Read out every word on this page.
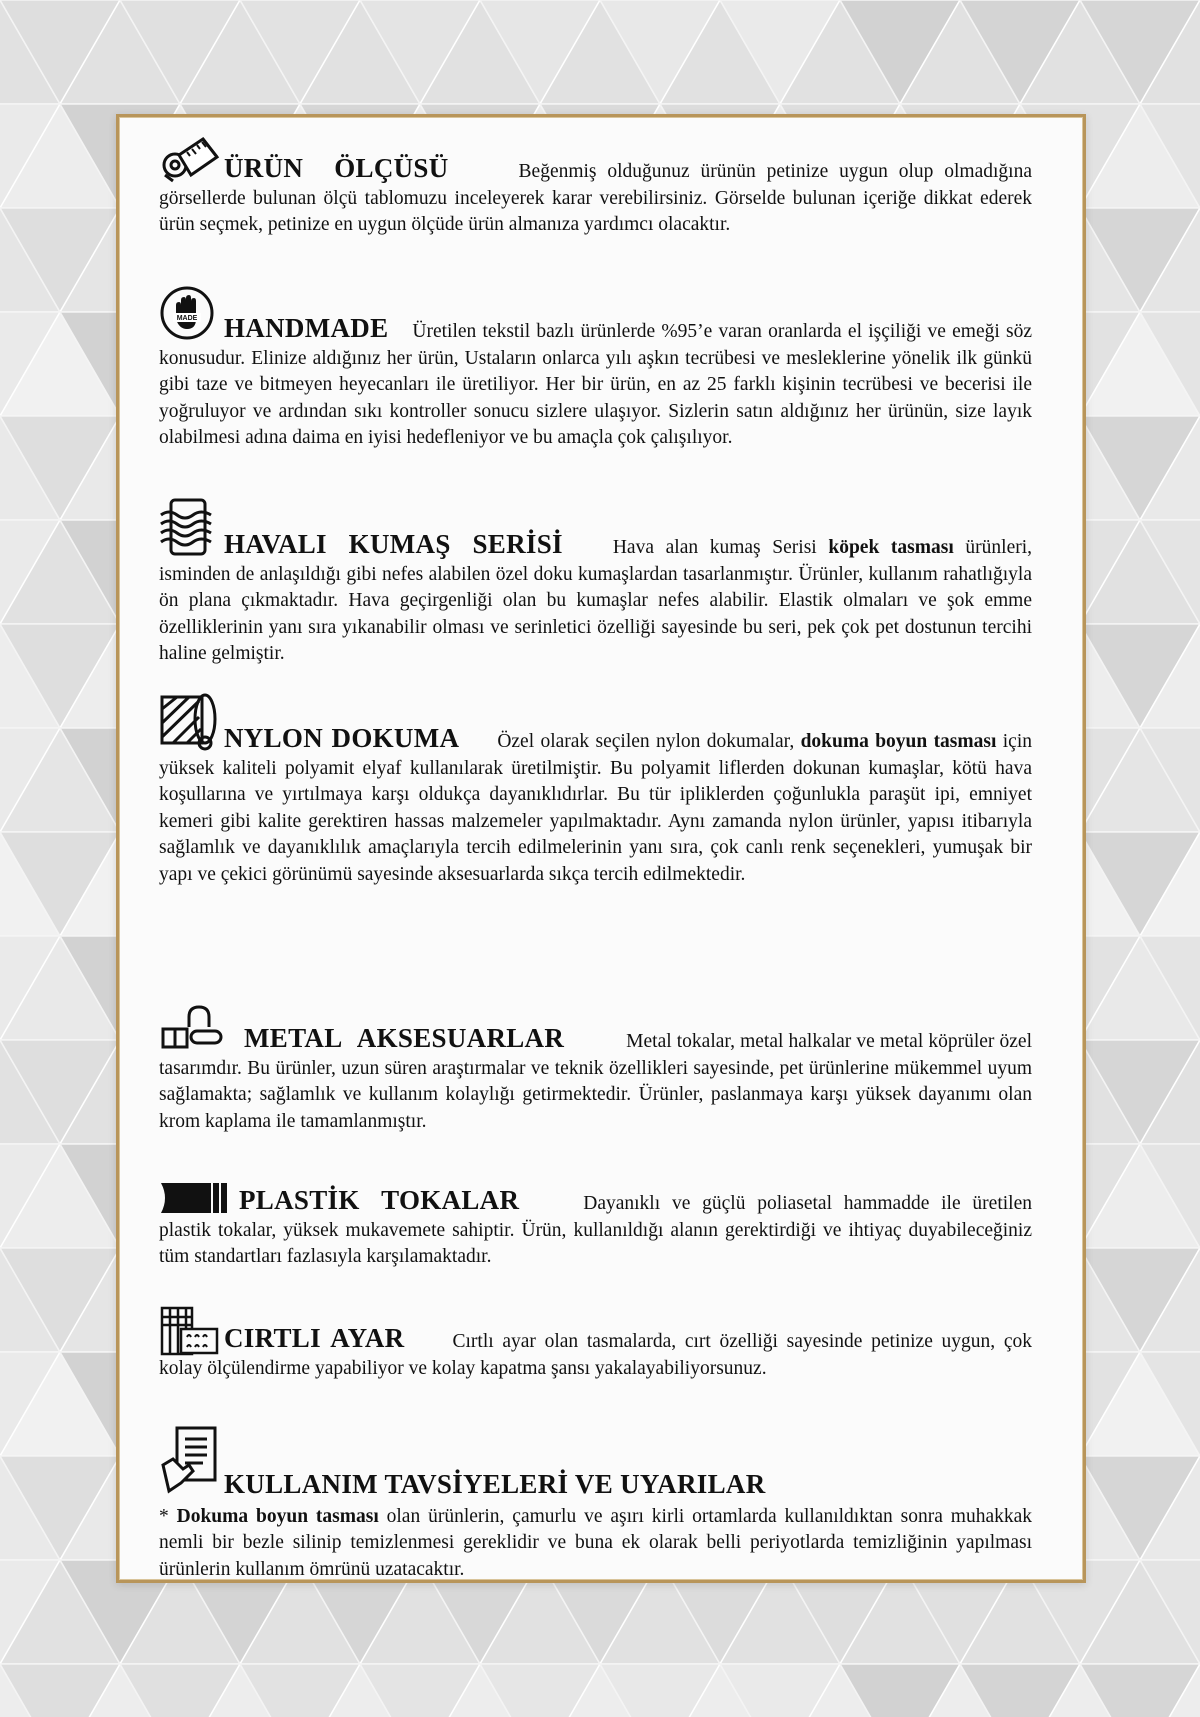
ÜRÜN ÖLÇÜSÜ	Beğenmiş olduğunuz ürünün petinize uygun olup olmadığına görsellerde bulunan ölçü tablomuzu inceleyerek karar verebilirsiniz. Görselde bulunan içeriğe dikkat ederek ürün seçmek, petinize en uygun ölçüde ürün almanıza yardımcı olacaktır.

MADE HANDMADE Üretilen tekstil bazlı ürünlerde %95’e varan oranlarda el işçiliği ve emeği söz konusudur. Elinize aldığınız her ürün, Ustaların onlarca yılı aşkın tecrübesi ve mesleklerine yönelik ilk günkü gibi taze ve bitmeyen heyecanları ile üretiliyor. Her bir ürün, en az 25 farklı kişinin tecrübesi ve becerisi ile yoğruluyor ve ardından sıkı kontroller sonucu sizlere ulaşıyor. Sizlerin satın aldığınız her ürünün, size layık olabilmesi adına daima en iyisi hedefleniyor ve bu amaçla çok çalışılıyor.

HAVALI KUMAŞ SERİSİ	Hava alan kumaş Serisi köpek tasması ürünleri, isminden de anlaşıldığı gibi nefes alabilen özel doku kumaşlardan tasarlanmıştır. Ürünler, kullanım rahatlığıyla ön plana çıkmaktadır. Hava geçirgenliği olan bu kumaşlar nefes alabilir. Elastik olmaları ve şok emme özelliklerinin yanı sıra yıkanabilir olması ve serinletici özelliği sayesinde bu seri, pek çok pet dostunun tercihi haline gelmiştir.

NYLON DOKUMA Özel olarak seçilen nylon dokumalar, dokuma boyun tasması için yüksek kaliteli polyamit elyaf kullanılarak üretilmiştir. Bu polyamit liflerden dokunan kumaşlar, kötü hava koşullarına ve yırtılmaya karşı oldukça dayanıklıdırlar. Bu tür ipliklerden çoğunlukla paraşüt ipi, emniyet kemeri gibi kalite gerektiren hassas malzemeler yapılmaktadır. Aynı zamanda nylon ürünler, yapısı itibarıyla sağlamlık ve dayanıklılık amaçlarıyla tercih edilmelerinin yanı sıra, çok canlı renk seçenekleri, yumuşak bir yapı ve çekici görünümü sayesinde aksesuarlarda sıkça tercih edilmektedir.

METAL AKSESUARLAR	Metal tokalar, metal halkalar ve metal köprüler özel tasarımdır. Bu ürünler, uzun süren araştırmalar ve teknik özellikleri sayesinde, pet ürünlerine mükemmel uyum sağlamakta; sağlamlık ve kullanım kolaylığı getirmektedir. Ürünler, paslanmaya karşı yüksek dayanımı olan krom kaplama ile tamamlanmıştır.

PLASTİK TOKALAR	Dayanıklı ve güçlü poliasetal hammadde ile üretilen plastik tokalar, yüksek mukavemete sahiptir. Ürün, kullanıldığı alanın gerektirdiği ve ihtiyaç duyabileceğiniz tüm standartları fazlasıyla karşılamaktadır.

CIRTLI AYAR Cırtlı ayar olan tasmalarda, cırt özelliği sayesinde petinize uygun, çok kolay ölçülendirme yapabiliyor ve kolay kapatma şansı yakalayabiliyorsunuz.

KULLANIM TAVSİYELERİ VE UYARILAR

* Dokuma boyun tasması olan ürünlerin, çamurlu ve aşırı kirli ortamlarda kullanıldıktan sonra muhakkak nemli bir bezle silinip temizlenmesi gereklidir ve buna ek olarak belli periyotlarda temizliğinin yapılması ürünlerin kullanım ömrünü uzatacaktır.
